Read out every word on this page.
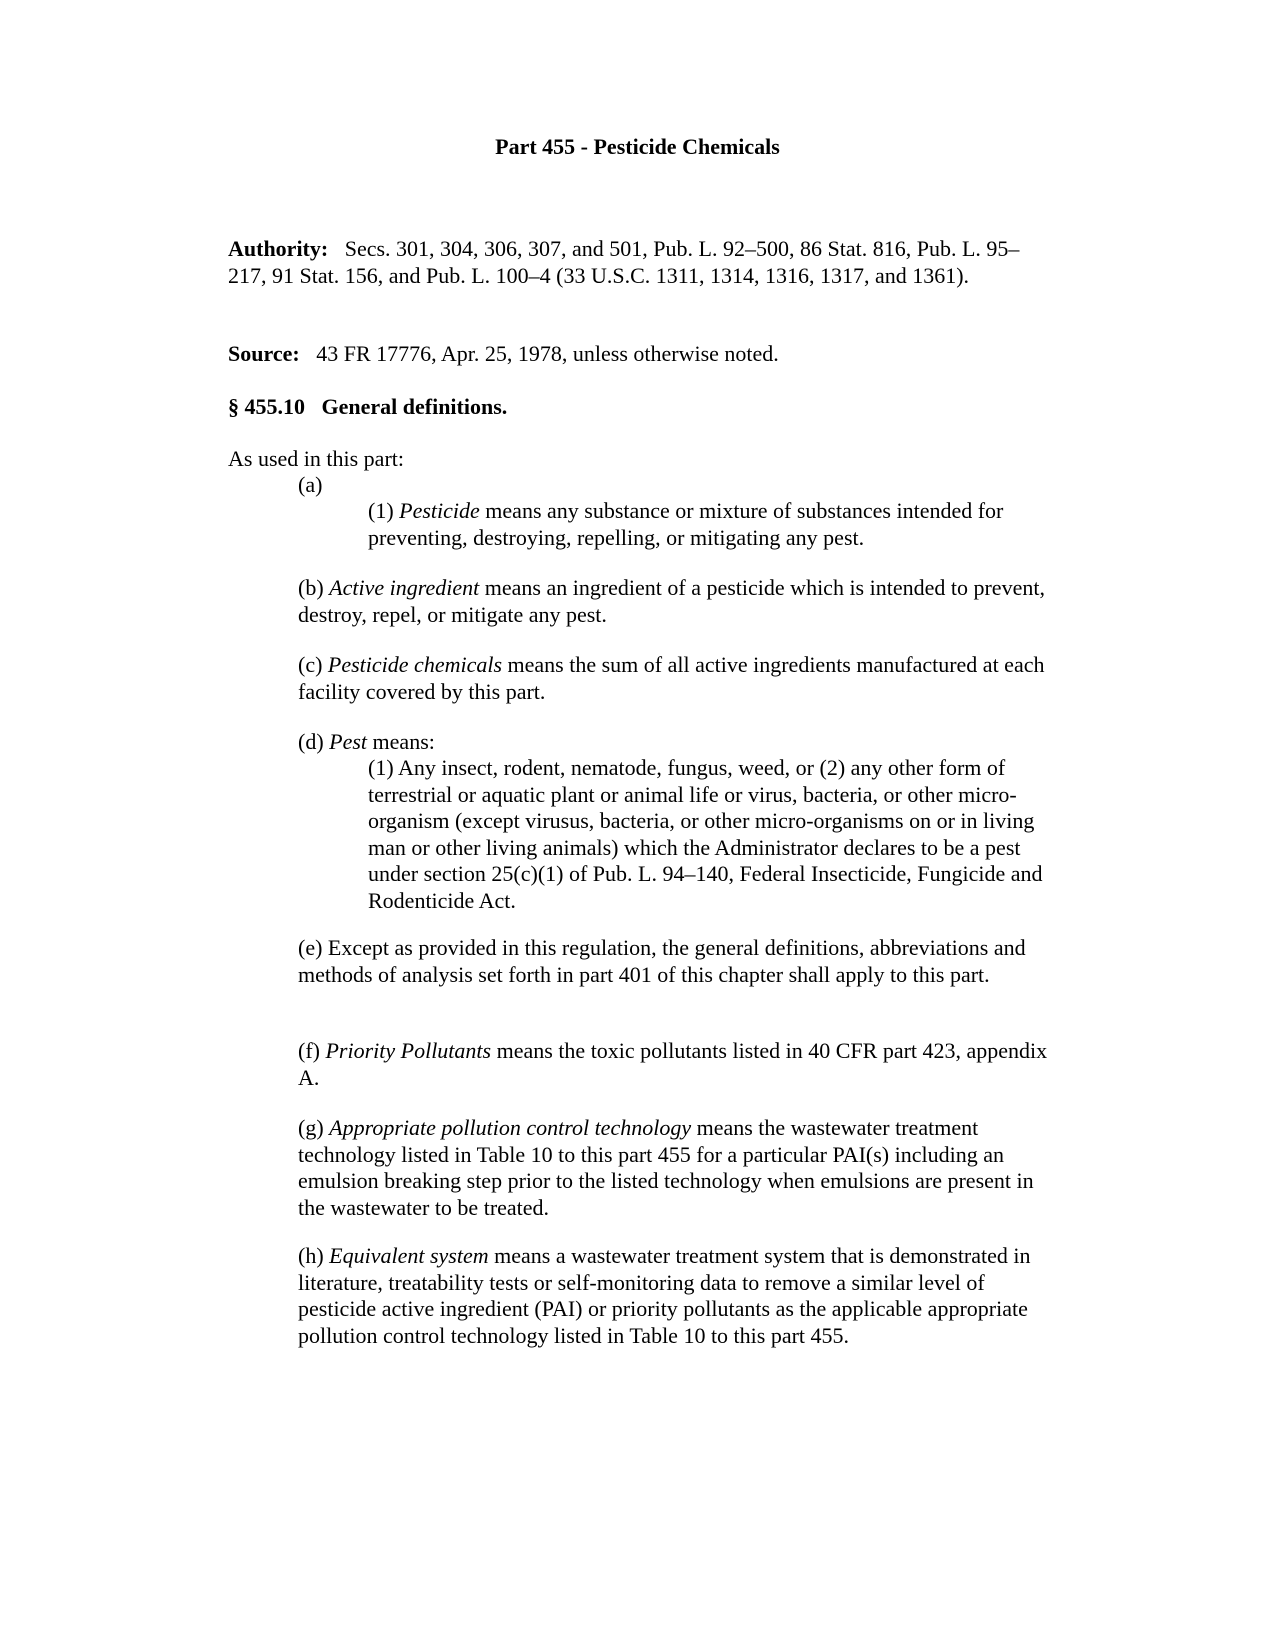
Part 455 - Pesticide Chemicals

Authority: Secs. 301, 304, 306, 307, and 501, Pub. L. 92–500, 86 Stat. 816, Pub. L. 95–217, 91 Stat. 156, and Pub. L. 100–4 (33 U.S.C. 1311, 1314, 1316, 1317, and 1361).

Source: 43 FR 17776, Apr. 25, 1978, unless otherwise noted.

§ 455.10 General definitions.

As used in this part:

(a)

(1) Pesticide means any substance or mixture of substances intended for preventing, destroying, repelling, or mitigating any pest.

(b) Active ingredient means an ingredient of a pesticide which is intended to prevent, destroy, repel, or mitigate any pest.

(c) Pesticide chemicals means the sum of all active ingredients manufactured at each facility covered by this part.

(d) Pest means:

(1) Any insect, rodent, nematode, fungus, weed, or (2) any other form of terrestrial or aquatic plant or animal life or virus, bacteria, or other micro-organism (except virusus, bacteria, or other micro-organisms on or in living man or other living animals) which the Administrator declares to be a pest under section 25(c)(1) of Pub. L. 94–140, Federal Insecticide, Fungicide and Rodenticide Act.

(e) Except as provided in this regulation, the general definitions, abbreviations and methods of analysis set forth in part 401 of this chapter shall apply to this part.

(f) Priority Pollutants means the toxic pollutants listed in 40 CFR part 423, appendix A.

(g) Appropriate pollution control technology means the wastewater treatment technology listed in Table 10 to this part 455 for a particular PAI(s) including an emulsion breaking step prior to the listed technology when emulsions are present in the wastewater to be treated.

(h) Equivalent system means a wastewater treatment system that is demonstrated in literature, treatability tests or self-monitoring data to remove a similar level of pesticide active ingredient (PAI) or priority pollutants as the applicable appropriate pollution control technology listed in Table 10 to this part 455.
